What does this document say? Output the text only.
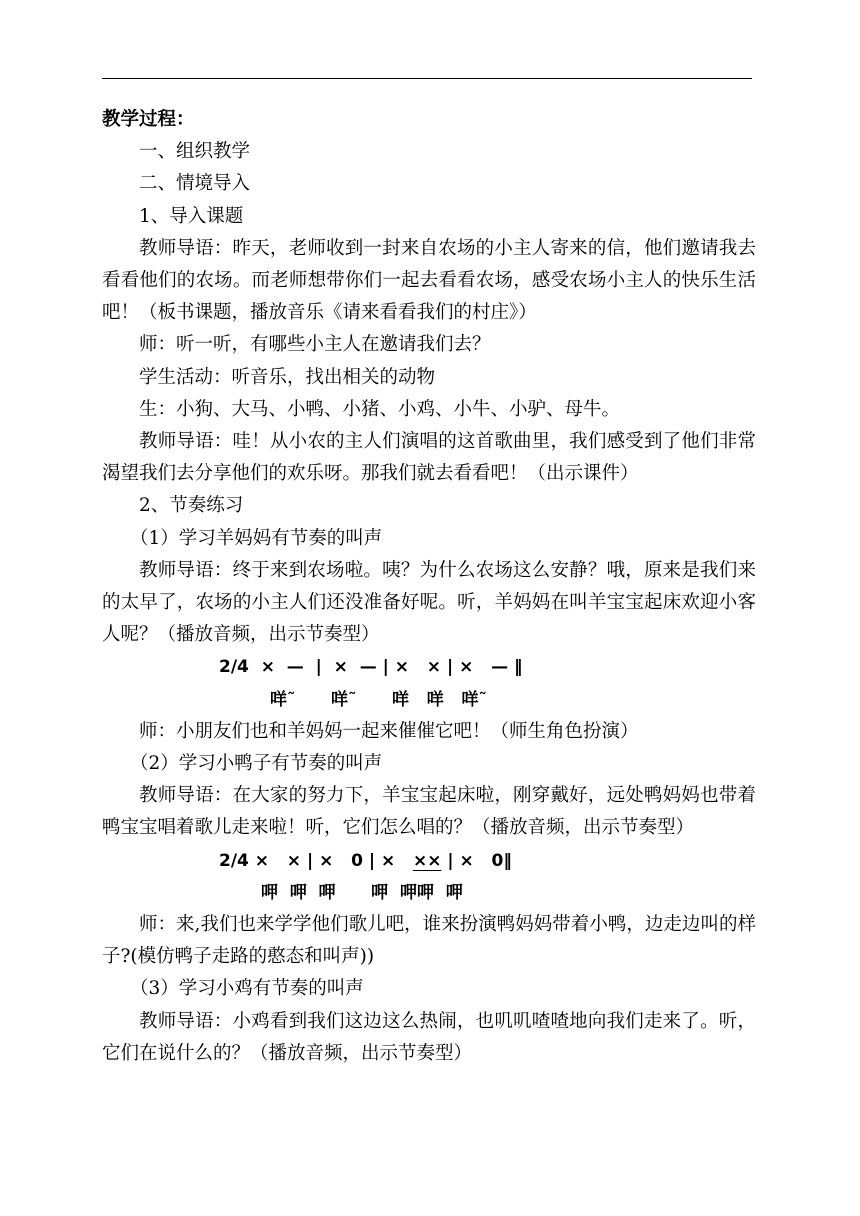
教学过程：

一、组织教学

二、情境导入

1、导入课题

教师导语：昨天，老师收到一封来自农场的小主人寄来的信，他们邀请我去看看他们的农场。而老师想带你们一起去看看农场，感受农场小主人的快乐生活吧！（板书课题，播放音乐《请来看看我们的村庄》）

师：听一听，有哪些小主人在邀请我们去？

学生活动：听音乐，找出相关的动物

生：小狗、大马、小鸭、小猪、小鸡、小牛、小驴、母牛。

教师导语：哇！从小农的主人们演唱的这首歌曲里，我们感受到了他们非常渴望我们去分享他们的欢乐呀。那我们就去看看吧！（出示课件）

2、节奏练习

（1）学习羊妈妈有节奏的叫声

教师导语：终于来到农场啦。咦？为什么农场这么安静？哦，原来是我们来的太早了，农场的小主人们还没准备好呢。听，羊妈妈在叫羊宝宝起床欢迎小客人呢？（播放音频，出示节奏型）

2/4  ×  —  |  ×  — | ×   × | ×   — ‖

咩˜      咩˜      咩   咩   咩˜

师：小朋友们也和羊妈妈一起来催催它吧！（师生角色扮演）

（2）学习小鸭子有节奏的叫声

教师导语：在大家的努力下，羊宝宝起床啦，刚穿戴好，远处鸭妈妈也带着鸭宝宝唱着歌儿走来啦！听，它们怎么唱的？（播放音频，出示节奏型）

2/4 ×   × | ×   0 | ×   ×× | ×   0‖

呷  呷  呷      呷  呷呷  呷

师：来,我们也来学学他们歌儿吧，谁来扮演鸭妈妈带着小鸭，边走边叫的样子?(模仿鸭子走路的憨态和叫声))

（3）学习小鸡有节奏的叫声

教师导语：小鸡看到我们这边这么热闹，也叽叽喳喳地向我们走来了。听，它们在说什么的？（播放音频，出示节奏型）
